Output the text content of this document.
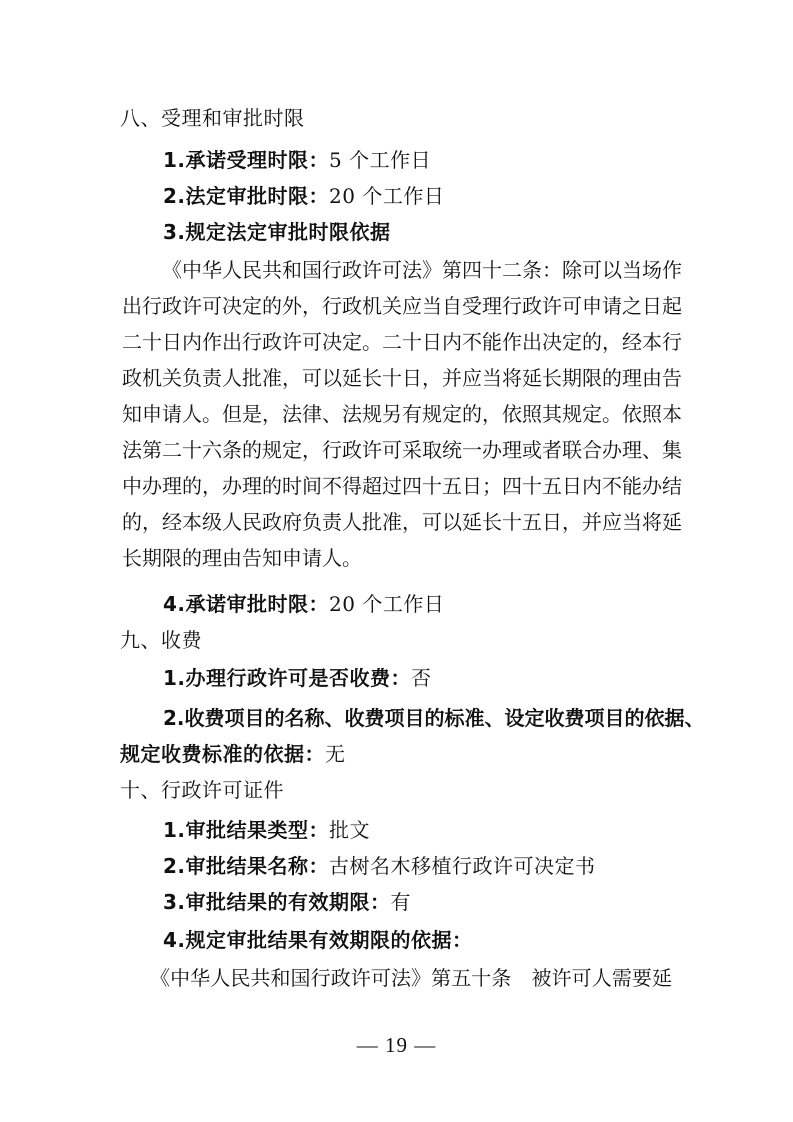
八、受理和审批时限
1.承诺受理时限：5 个工作日
2.法定审批时限：20 个工作日
3.规定法定审批时限依据
《中华人民共和国行政许可法》第四十二条：除可以当场作
出行政许可决定的外，行政机关应当自受理行政许可申请之日起
二十日内作出行政许可决定。二十日内不能作出决定的，经本行
政机关负责人批准，可以延长十日，并应当将延长期限的理由告
知申请人。但是，法律、法规另有规定的，依照其规定。依照本
法第二十六条的规定，行政许可采取统一办理或者联合办理、集
中办理的，办理的时间不得超过四十五日；四十五日内不能办结
的，经本级人民政府负责人批准，可以延长十五日，并应当将延
长期限的理由告知申请人。
4.承诺审批时限：20 个工作日
九、收费
1.办理行政许可是否收费：否
2.收费项目的名称、收费项目的标准、设定收费项目的依据、
规定收费标准的依据：无
十、行政许可证件
1.审批结果类型：批文
2.审批结果名称：古树名木移植行政许可决定书
3.审批结果的有效期限：有
4.规定审批结果有效期限的依据：
《中华人民共和国行政许可法》第五十条　被许可人需要延
— 19 —
